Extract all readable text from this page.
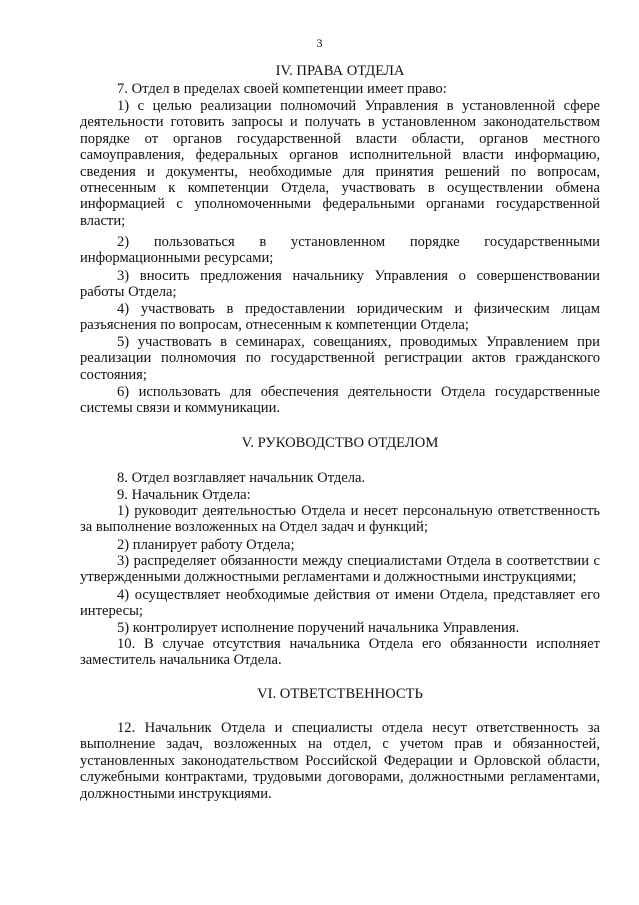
3
IV. ПРАВА ОТДЕЛА
7. Отдел в пределах своей компетенции имеет право:
1) с целью реализации полномочий Управления в установленной сфере деятельности готовить запросы и получать в установленном законодательством порядке от органов государственной власти области, органов местного самоуправления, федеральных органов исполнительной власти информацию, сведения и документы, необходимые для принятия решений по вопросам, отнесенным к компетенции Отдела, участвовать в осуществлении обмена информацией с уполномоченными федеральными органами государственной власти;
2) пользоваться в установленном порядке государственными информационными ресурсами;
3) вносить предложения начальнику Управления о совершенствовании работы Отдела;
4) участвовать в предоставлении юридическим и физическим лицам разъяснения по вопросам, отнесенным к компетенции Отдела;
5) участвовать в семинарах, совещаниях, проводимых Управлением при реализации полномочия по государственной регистрации актов гражданского состояния;
6) использовать для обеспечения деятельности Отдела государственные системы связи и коммуникации.
V. РУКОВОДСТВО ОТДЕЛОМ
8. Отдел возглавляет начальник Отдела.
9. Начальник Отдела:
1) руководит деятельностью Отдела и несет персональную ответственность за выполнение возложенных на Отдел задач и функций;
2) планирует работу Отдела;
3) распределяет обязанности между специалистами Отдела в соответствии с утвержденными должностными регламентами и должностными инструкциями;
4) осуществляет необходимые действия от имени Отдела, представляет его интересы;
5) контролирует исполнение поручений начальника Управления.
10. В случае отсутствия начальника Отдела его обязанности исполняет заместитель начальника Отдела.
VI. ОТВЕТСТВЕННОСТЬ
12. Начальник Отдела и специалисты отдела несут ответственность за выполнение задач, возложенных на отдел, с учетом прав и обязанностей, установленных законодательством Российской Федерации и Орловской области, служебными контрактами, трудовыми договорами, должностными регламентами, должностными инструкциями.
